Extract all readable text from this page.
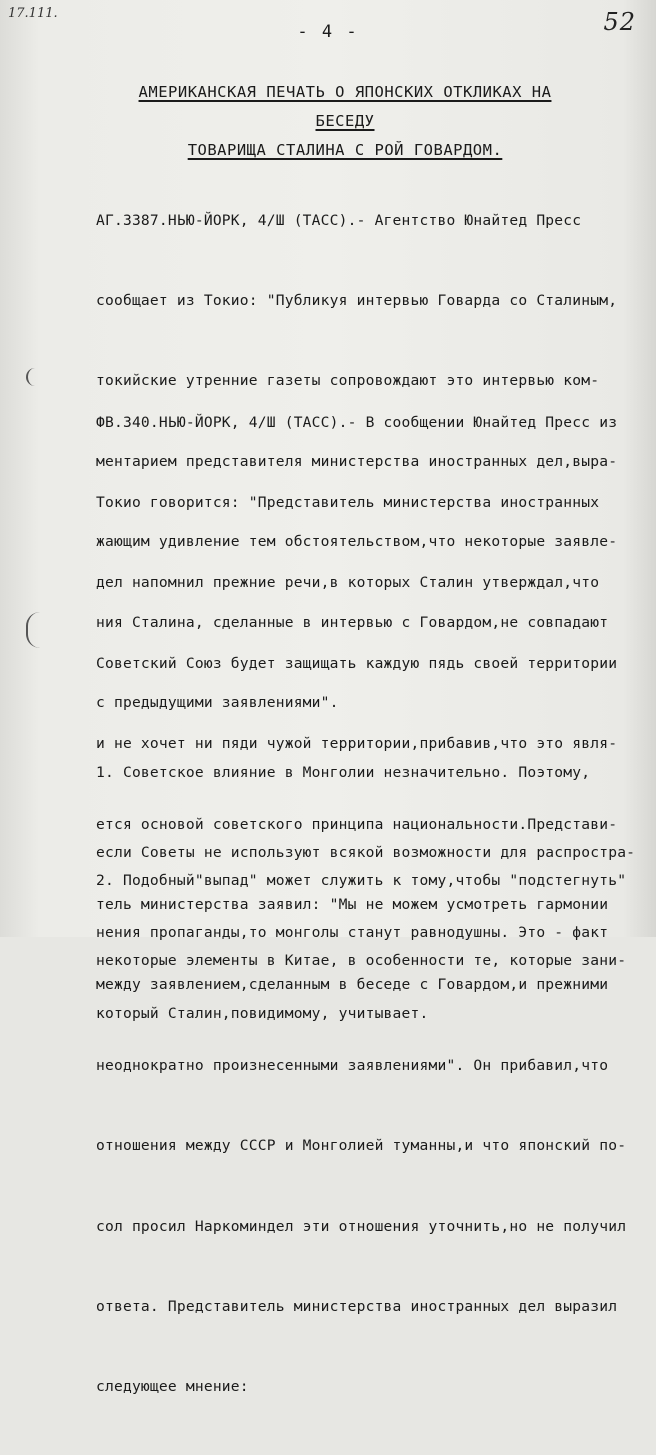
17.111.	52
- 4 -
АМЕРИКАНСКАЯ ПЕЧАТЬ О ЯПОНСКИХ ОТКЛИКАХ НА БЕСЕДУ
ТОВАРИЩА СТАЛИНА С РОЙ ГОВАРДОМ.

АГ.3387.НЬЮ-ЙОРК, 4/Ш (ТАСС).- Агентство Юнайтед Пресс

сообщает из Токио: "Публикуя интервью Говарда со Сталиным,

токийские утренние газеты сопровождают это интервью ком-

ментарием представителя министерства иностранных дел,выра-

жающим удивление тем обстоятельством,что некоторые заявле-

ния Сталина, сделанные в интервью с Говардом,не совпадают

с предыдущими заявлениями".

ФВ.340.НЬЮ-ЙОРК, 4/Ш (ТАСС).- В сообщении Юнайтед Пресс из

Токио говорится: "Представитель министерства иностранных

дел напомнил прежние речи,в которых Сталин утверждал,что

Советский Союз будет защищать каждую пядь своей территории

и не хочет ни пяди чужой территории,прибавив,что это явля-

ется основой советского принципа национальности.Представи-

тель министерства заявил: "Мы не можем усмотреть гармонии

между заявлением,сделанным в беседе с Говардом,и прежними

неоднократно произнесенными заявлениями". Он прибавил,что

отношения между СССР и Монголией туманны,и что японский по-

сол просил Наркоминдел эти отношения уточнить,но не получил

ответа. Представитель министерства иностранных дел выразил

следующее мнение:

1. Советское влияние в Монголии незначительно. Поэтому,

если Советы не используют всякой возможности для распростра-

нения пропаганды,то монголы станут равнодушны. Это - факт

который Сталин,повидимому, учитывает.

2. Подобный"выпад" может служить к тому,чтобы "подстегнуть"

некоторые элементы в Китае, в особенности те, которые зани-
